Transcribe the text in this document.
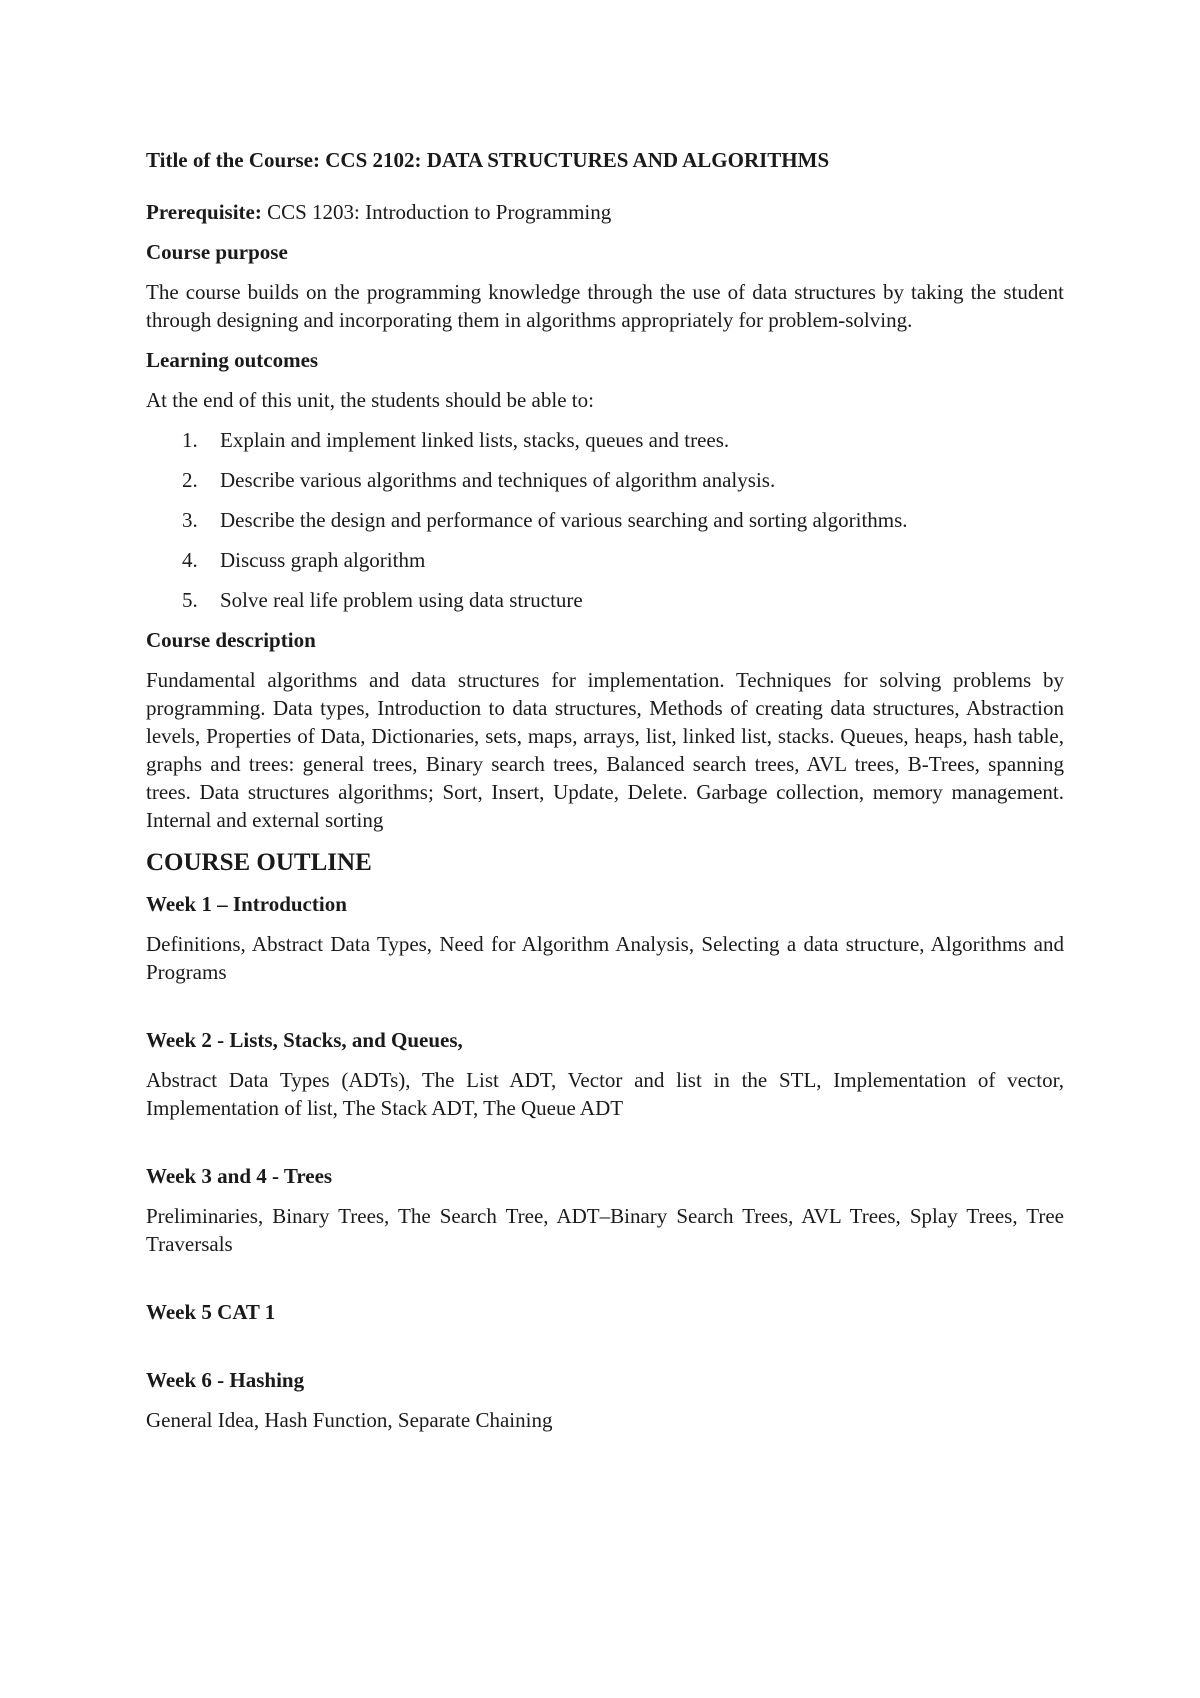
Title of the Course: CCS 2102: DATA STRUCTURES AND ALGORITHMS

Prerequisite: CCS 1203: Introduction to Programming

Course purpose

The course builds on the programming knowledge through the use of data structures by taking the student through designing and incorporating them in algorithms appropriately for problem-solving.

Learning outcomes

At the end of this unit, the students should be able to:

1.	Explain and implement linked lists, stacks, queues and trees.
2.	Describe various algorithms and techniques of algorithm analysis.
3.	Describe the design and performance of various searching and sorting algorithms.
4.	Discuss graph algorithm
5.	Solve real life problem using data structure

Course description

Fundamental algorithms and data structures for implementation. Techniques for solving problems by programming. Data types, Introduction to data structures, Methods of creating data structures, Abstraction levels, Properties of Data, Dictionaries, sets, maps, arrays, list, linked list, stacks. Queues, heaps, hash table, graphs and trees: general trees, Binary search trees, Balanced search trees, AVL trees, B-Trees, spanning trees. Data structures algorithms; Sort, Insert, Update, Delete. Garbage collection, memory management. Internal and external sorting

COURSE OUTLINE

Week 1 – Introduction

Definitions, Abstract Data Types, Need for Algorithm Analysis, Selecting a data structure, Algorithms and Programs

Week 2 - Lists, Stacks, and Queues,

Abstract Data Types (ADTs), The List ADT, Vector and list in the STL, Implementation of vector, Implementation of list, The Stack ADT, The Queue ADT

Week 3 and 4 - Trees

Preliminaries, Binary Trees, The Search Tree, ADT–Binary Search Trees, AVL Trees, Splay Trees, Tree Traversals

Week 5 CAT 1

Week 6 - Hashing

General Idea, Hash Function, Separate Chaining
